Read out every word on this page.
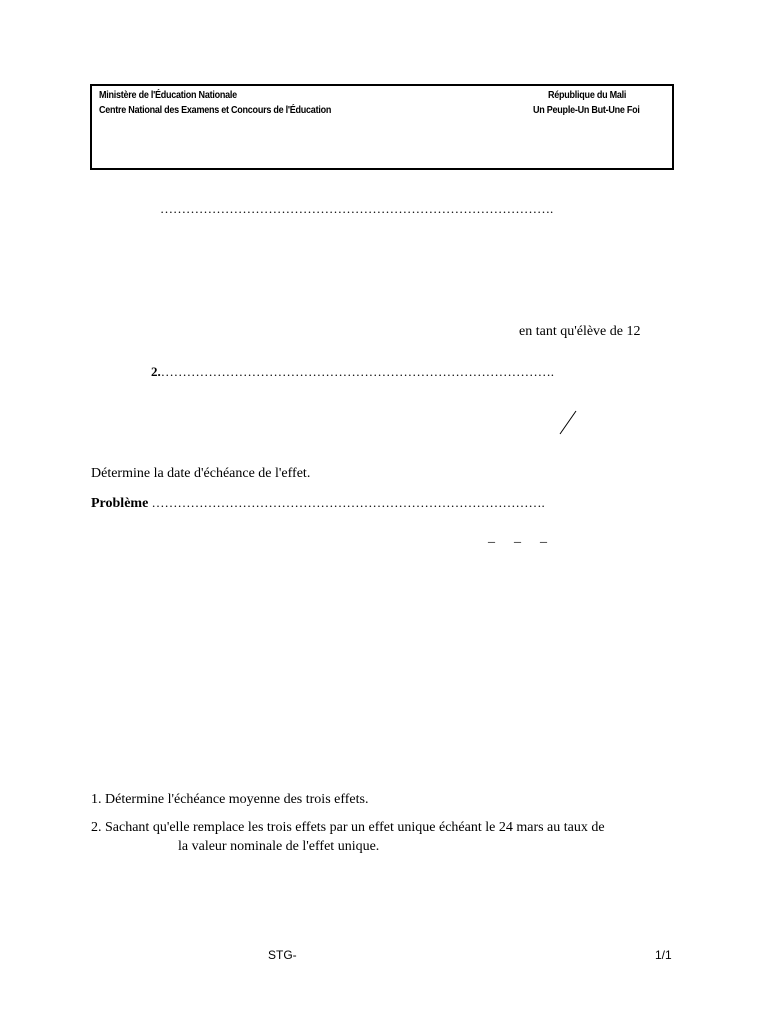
Ministère de l'Éducation Nationale
Centre National des Examens et Concours de l'Éducation
République du Mali
Un Peuple-Un But-Une Foi
……………………………………………………………………………….
en tant qu'élève de 12
2.……………………………………………………………………………….
Détermine la date d'échéance de l'effet.
Problème ……………………………………………………………………………….
_ _ _
1. Détermine l'échéance moyenne des trois effets.
2. Sachant qu'elle remplace les trois effets par un effet unique échéant le 24 mars au taux de
la valeur nominale de l'effet unique.
STG-	1/1
